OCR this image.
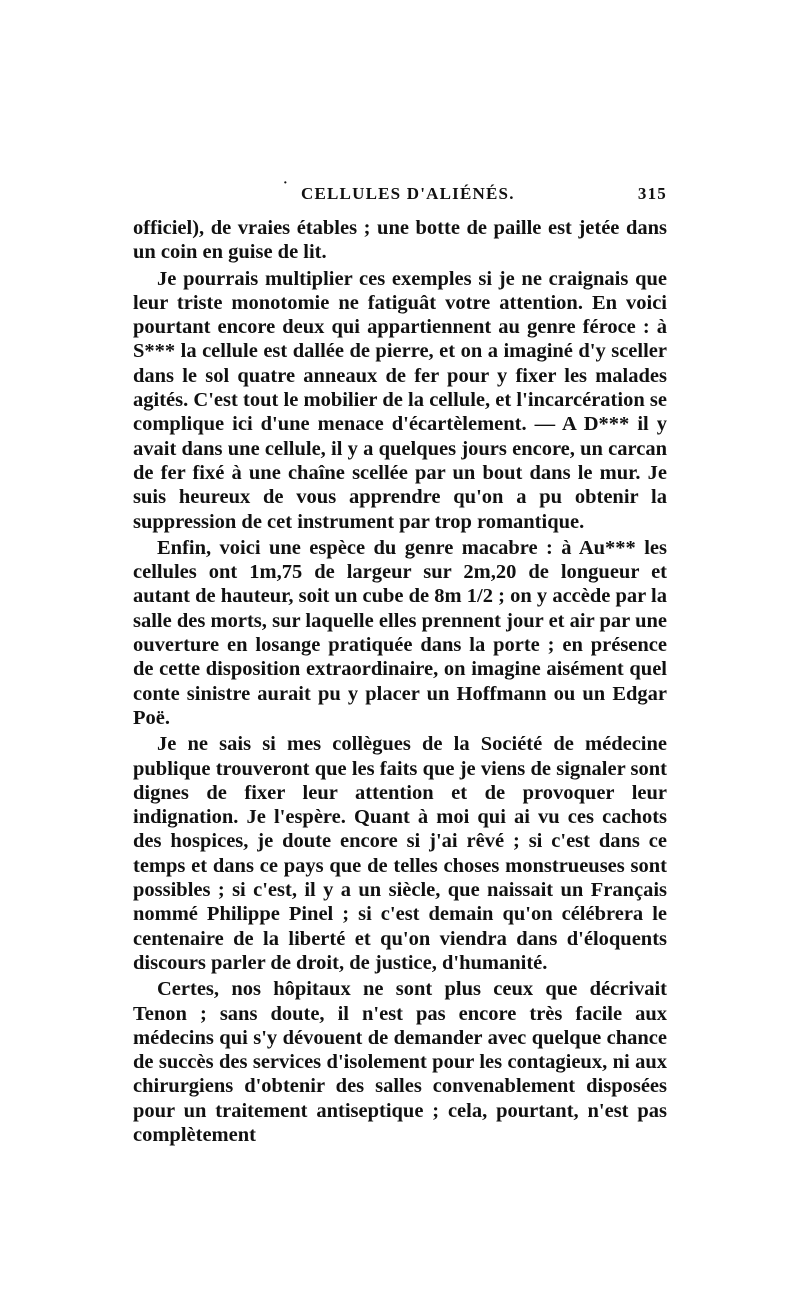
·
CELLULES D'ALIÉNÉS.	315

officiel), de vraies étables ; une botte de paille est jetée dans un coin en guise de lit.

Je pourrais multiplier ces exemples si je ne craignais que leur triste monotomie ne fatiguât votre attention. En voici pourtant encore deux qui appartiennent au genre féroce : à S*** la cellule est dallée de pierre, et on a imaginé d'y sceller dans le sol quatre anneaux de fer pour y fixer les malades agités. C'est tout le mobilier de la cellule, et l'incarcération se complique ici d'une menace d'écartèlement. — A D*** il y avait dans une cellule, il y a quelques jours encore, un carcan de fer fixé à une chaîne scellée par un bout dans le mur. Je suis heureux de vous apprendre qu'on a pu obtenir la suppression de cet instrument par trop romantique.

Enfin, voici une espèce du genre macabre : à Au*** les cellules ont 1m,75 de largeur sur 2m,20 de longueur et autant de hauteur, soit un cube de 8m 1/2 ; on y accède par la salle des morts, sur laquelle elles prennent jour et air par une ouverture en losange pratiquée dans la porte ; en présence de cette disposition extraordinaire, on imagine aisément quel conte sinistre aurait pu y placer un Hoffmann ou un Edgar Poë.

Je ne sais si mes collègues de la Société de médecine publique trouveront que les faits que je viens de signaler sont dignes de fixer leur attention et de provoquer leur indignation. Je l'espère. Quant à moi qui ai vu ces cachots des hospices, je doute encore si j'ai rêvé ; si c'est dans ce temps et dans ce pays que de telles choses monstrueuses sont possibles ; si c'est, il y a un siècle, que naissait un Français nommé Philippe Pinel ; si c'est demain qu'on célébrera le centenaire de la liberté et qu'on viendra dans d'éloquents discours parler de droit, de justice, d'humanité.

Certes, nos hôpitaux ne sont plus ceux que décrivait Tenon ; sans doute, il n'est pas encore très facile aux médecins qui s'y dévouent de demander avec quelque chance de succès des services d'isolement pour les contagieux, ni aux chirurgiens d'obtenir des salles convenablement disposées pour un traitement antiseptique ; cela, pourtant, n'est pas complètement
